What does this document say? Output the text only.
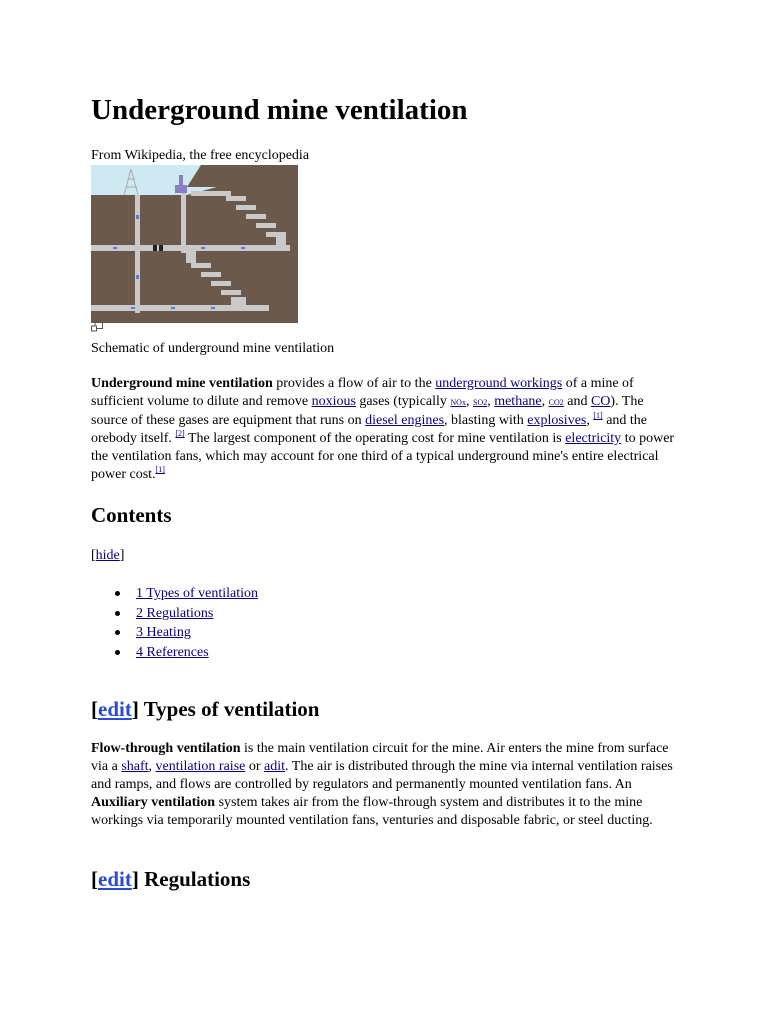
Underground mine ventilation
From Wikipedia, the free encyclopedia
Schematic of underground mine ventilation

Underground mine ventilation provides a flow of air to the underground workings of a mine of sufficient volume to dilute and remove noxious gases (typically NOx, SO2, methane, CO2 and CO). The source of these gases are equipment that runs on diesel engines, blasting with explosives, [1] and the orebody itself. [2] The largest component of the operating cost for mine ventilation is electricity to power the ventilation fans, which may account for one third of a typical underground mine's entire electrical power cost.[1]

Contents
[hide]
1 Types of ventilation
2 Regulations
3 Heating
4 References
[edit] Types of ventilation

Flow-through ventilation is the main ventilation circuit for the mine. Air enters the mine from surface via a shaft, ventilation raise or adit. The air is distributed through the mine via internal ventilation raises and ramps, and flows are controlled by regulators and permanently mounted ventilation fans. An Auxiliary ventilation system takes air from the flow-through system and distributes it to the mine workings via temporarily mounted ventilation fans, venturies and disposable fabric, or steel ducting.

[edit] Regulations
